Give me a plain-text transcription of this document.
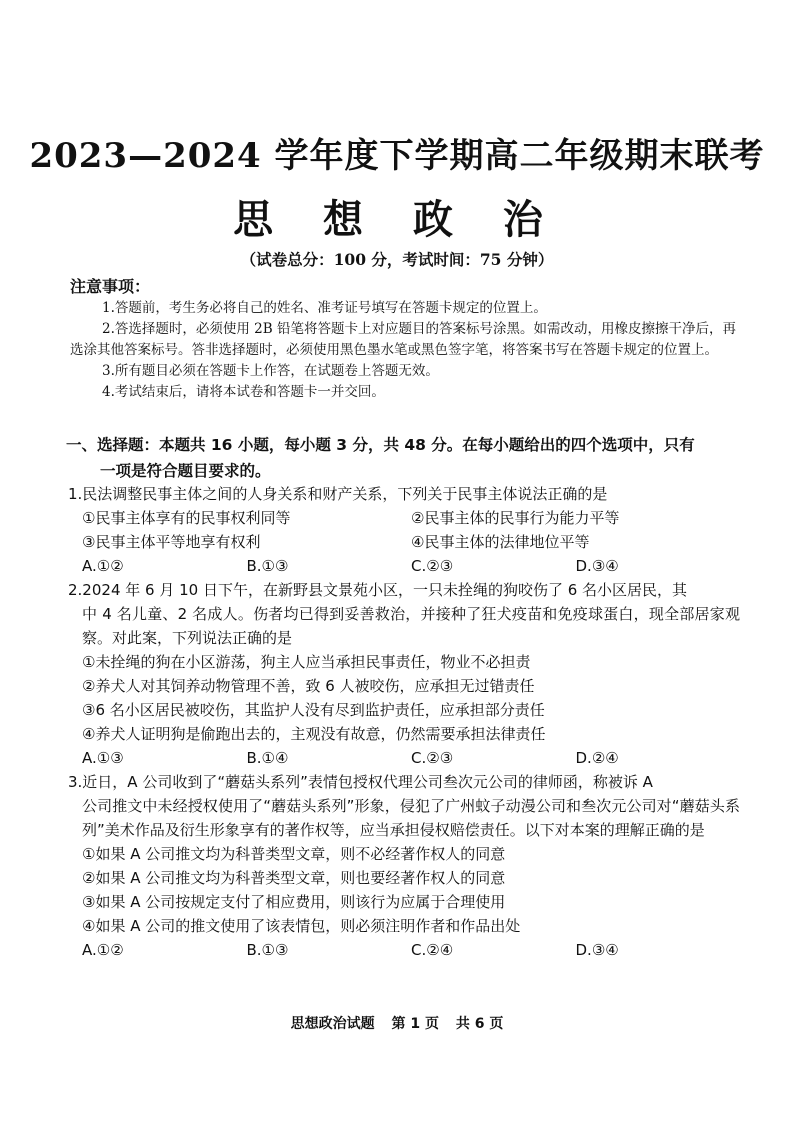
2023—2024 学年度下学期高二年级期末联考
思 想 政 治
（试卷总分：100 分，考试时间：75 分钟）
注意事项：
1.答题前，考生务必将自己的姓名、准考证号填写在答题卡规定的位置上。
2.答选择题时，必须使用 2B 铅笔将答题卡上对应题目的答案标号涂黑。如需改动，用橡皮擦擦干净后，再选涂其他答案标号。答非选择题时，必须使用黑色墨水笔或黑色签字笔，将答案书写在答题卡规定的位置上。
3.所有题目必须在答题卡上作答，在试题卷上答题无效。
4.考试结束后，请将本试卷和答题卡一并交回。
一、选择题：本题共 16 小题，每小题 3 分，共 48 分。在每小题给出的四个选项中，只有
一项是符合题目要求的。
1.民法调整民事主体之间的人身关系和财产关系，下列关于民事主体说法正确的是
①民事主体享有的民事权利同等	②民事主体的民事行为能力平等
③民事主体平等地享有权利	④民事主体的法律地位平等
A.①②	B.①③	C.②③	D.③④
2.2024 年 6 月 10 日下午，在新野县文景苑小区，一只未拴绳的狗咬伤了 6 名小区居民，其
中 4 名儿童、2 名成人。伤者均已得到妥善救治，并接种了狂犬疫苗和免疫球蛋白，现全部居家观察。对此案，下列说法正确的是
①未拴绳的狗在小区游荡，狗主人应当承担民事责任，物业不必担责
②养犬人对其饲养动物管理不善，致 6 人被咬伤，应承担无过错责任
③6 名小区居民被咬伤，其监护人没有尽到监护责任，应承担部分责任
④养犬人证明狗是偷跑出去的，主观没有故意，仍然需要承担法律责任
A.①③	B.①④	C.②③	D.②④
3.近日，A 公司收到了“蘑菇头系列”表情包授权代理公司叁次元公司的律师函，称被诉 A
公司推文中未经授权使用了“蘑菇头系列”形象，侵犯了广州蚊子动漫公司和叁次元公司对“蘑菇头系列”美术作品及衍生形象享有的著作权等，应当承担侵权赔偿责任。以下对本案的理解正确的是
①如果 A 公司推文均为科普类型文章，则不必经著作权人的同意
②如果 A 公司推文均为科普类型文章，则也要经著作权人的同意
③如果 A 公司按规定支付了相应费用，则该行为应属于合理使用
④如果 A 公司的推文使用了该表情包，则必须注明作者和作品出处
A.①②	B.①③	C.②④	D.③④
思想政治试题 第 1 页 共 6 页
